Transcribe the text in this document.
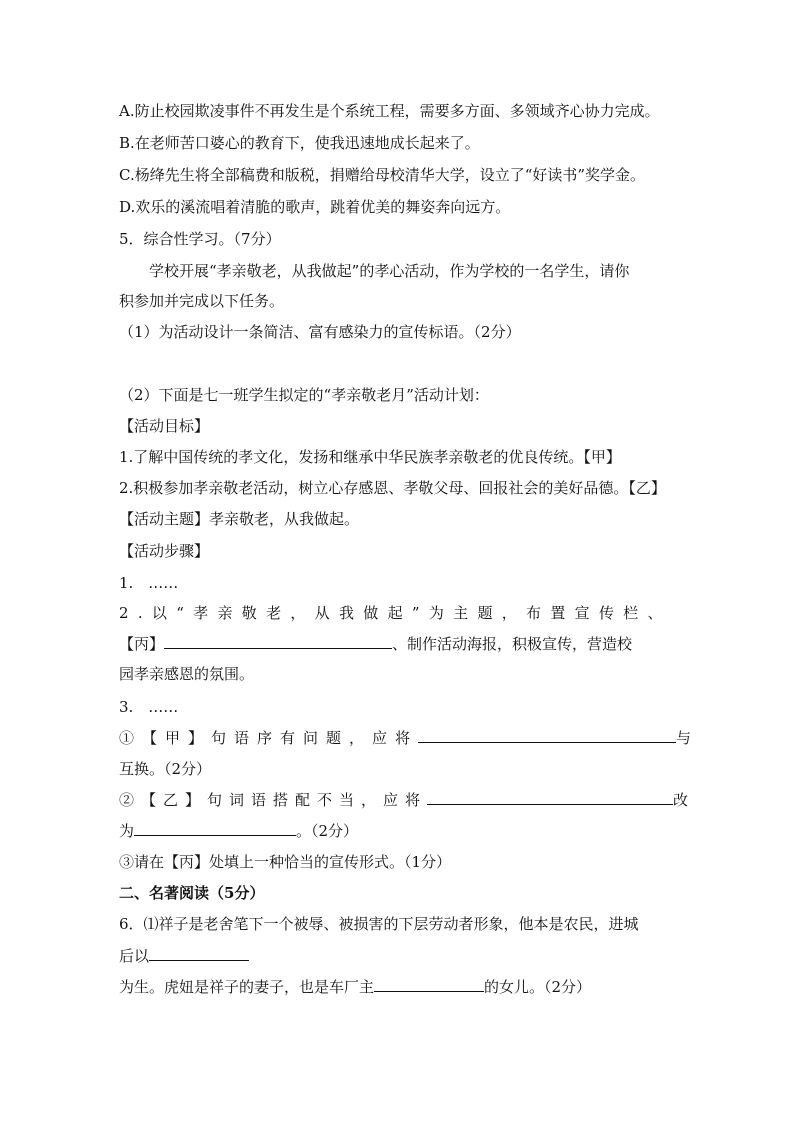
A.防止校园欺凌事件不再发生是个系统工程，需要多方面、多领域齐心协力完成。
B.在老师苦口婆心的教育下，使我迅速地成长起来了。
C.杨绛先生将全部稿费和版税，捐赠给母校清华大学，设立了“好读书”奖学金。
D.欢乐的溪流唱着清脆的歌声，跳着优美的舞姿奔向远方。
5．综合性学习。（7分）
学校开展“孝亲敬老，从我做起”的孝心活动，作为学校的一名学生，请你
积参加并完成以下任务。
（1）为活动设计一条简洁、富有感染力的宣传标语。（2分）
（2）下面是七一班学生拟定的“孝亲敬老月”活动计划：
【活动目标】
1.了解中国传统的孝文化，发扬和继承中华民族孝亲敬老的优良传统。【甲】
2.积极参加孝亲敬老活动，树立心存感恩、孝敬父母、回报社会的美好品德。【乙】
【活动主题】孝亲敬老，从我做起。
【活动步骤】
1.　……
2.以“孝亲敬老，从我做起”为主题，布置宣传栏、
【丙】	、制作活动海报，积极宣传，营造校
园孝亲感恩的氛围。
3.　……
①【甲】句语序有问题，应将	与
互换。（2分）
②【乙】句词语搭配不当，应将	改
为	。（2分）
③请在【丙】处填上一种恰当的宣传形式。（1分）
二、名著阅读（5分）
6．⑴祥子是老舍笔下一个被辱、被损害的下层劳动者形象，他本是农民，进城
后以
为生。虎妞是祥子的妻子，也是车厂主	的女儿。（2分）
